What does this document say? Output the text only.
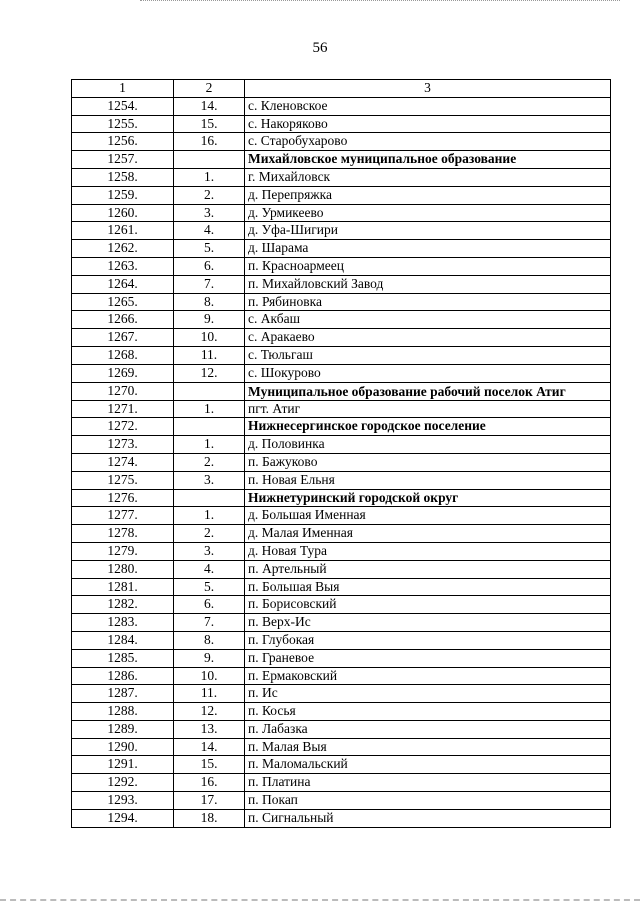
56
1	2	3
1254.	14.	с. Кленовское
1255.	15.	с. Накоряково
1256.	16.	с. Старобухарово
1257.		Михайловское муниципальное образование
1258.	1.	г. Михайловск
1259.	2.	д. Перепряжка
1260.	3.	д. Урмикеево
1261.	4.	д. Уфа-Шигири
1262.	5.	д. Шарама
1263.	6.	п. Красноармеец
1264.	7.	п. Михайловский Завод
1265.	8.	п. Рябиновка
1266.	9.	с. Акбаш
1267.	10.	с. Аракаево
1268.	11.	с. Тюльгаш
1269.	12.	с. Шокурово
1270.		Муниципальное образование рабочий поселок Атиг
1271.	1.	пгт. Атиг
1272.		Нижнесергинское городское поселение
1273.	1.	д. Половинка
1274.	2.	п. Бажуково
1275.	3.	п. Новая Ельня
1276.		Нижнетуринский городской округ
1277.	1.	д. Большая Именная
1278.	2.	д. Малая Именная
1279.	3.	д. Новая Тура
1280.	4.	п. Артельный
1281.	5.	п. Большая Выя
1282.	6.	п. Борисовский
1283.	7.	п. Верх-Ис
1284.	8.	п. Глубокая
1285.	9.	п. Граневое
1286.	10.	п. Ермаковский
1287.	11.	п. Ис
1288.	12.	п. Косья
1289.	13.	п. Лабазка
1290.	14.	п. Малая Выя
1291.	15.	п. Маломальский
1292.	16.	п. Платина
1293.	17.	п. Покап
1294.	18.	п. Сигнальный
